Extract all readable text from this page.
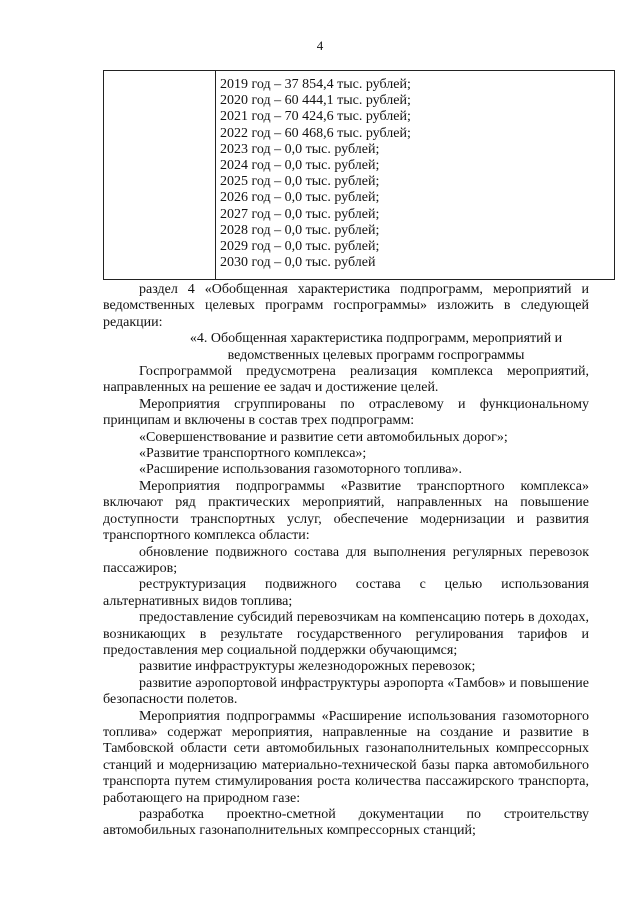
4
2019 год – 37 854,4 тыс. рублей;
2020 год – 60 444,1 тыс. рублей;
2021 год – 70 424,6 тыс. рублей;
2022 год – 60 468,6 тыс. рублей;
2023 год – 0,0 тыс. рублей;
2024 год – 0,0 тыс. рублей;
2025 год – 0,0 тыс. рублей;
2026 год – 0,0 тыс. рублей;
2027 год – 0,0 тыс. рублей;
2028 год – 0,0 тыс. рублей;
2029 год – 0,0 тыс. рублей;
2030 год – 0,0 тыс. рублей

раздел 4 «Обобщенная характеристика подпрограмм, мероприятий и ведомственных целевых программ госпрограммы» изложить в следующей редакции:

«4. Обобщенная характеристика подпрограмм, мероприятий и ведомственных целевых программ госпрограммы

Госпрограммой предусмотрена реализация комплекса мероприятий, направленных на решение ее задач и достижение целей.

Мероприятия сгруппированы по отраслевому и функциональному принципам и включены в состав трех подпрограмм:

«Совершенствование и развитие сети автомобильных дорог»;

«Развитие транспортного комплекса»;

«Расширение использования газомоторного топлива».

Мероприятия подпрограммы «Развитие транспортного комплекса» включают ряд практических мероприятий, направленных на повышение доступности транспортных услуг, обеспечение модернизации и развития транспортного комплекса области:

обновление подвижного состава для выполнения регулярных перевозок пассажиров;

реструктуризация подвижного состава с целью использования альтернативных видов топлива;

предоставление субсидий перевозчикам на компенсацию потерь в доходах, возникающих в результате государственного регулирования тарифов и предоставления мер социальной поддержки обучающимся;

развитие инфраструктуры железнодорожных перевозок;

развитие аэропортовой инфраструктуры аэропорта «Тамбов» и повышение безопасности полетов.

Мероприятия подпрограммы «Расширение использования газомоторного топлива» содержат мероприятия, направленные на создание и развитие в Тамбовской области сети автомобильных газонаполнительных компрессорных станций и модернизацию материально-технической базы парка автомобильного транспорта путем стимулирования роста количества пассажирского транспорта, работающего на природном газе:

разработка проектно-сметной документации по строительству автомобильных газонаполнительных компрессорных станций;
